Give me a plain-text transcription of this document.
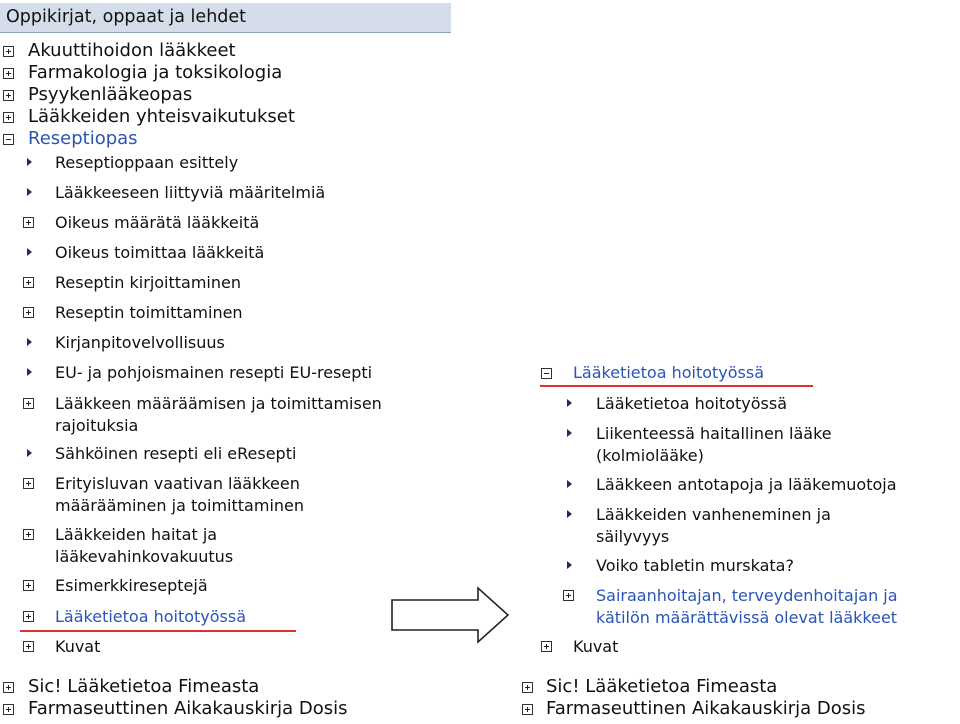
Oppikirjat, oppaat ja lehdet
Akuuttihoidon lääkkeet
Farmakologia ja toksikologia
Psyykenlääkeopas
Lääkkeiden yhteisvaikutukset
Reseptiopas
Reseptioppaan esittely
Lääkkeeseen liittyviä määritelmiä
Oikeus määrätä lääkkeitä
Oikeus toimittaa lääkkeitä
Reseptin kirjoittaminen
Reseptin toimittaminen
Kirjanpitovelvollisuus
EU- ja pohjoismainen resepti EU-resepti
Lääkkeen määräämisen ja toimittamisen
rajoituksia
Sähköinen resepti eli eResepti
Erityisluvan vaativan lääkkeen
määrääminen ja toimittaminen
Lääkkeiden haitat ja
lääkevahinkovakuutus
Esimerkkireseptejä
Lääketietoa hoitotyössä
Kuvat
Sic! Lääketietoa Fimeasta
Farmaseuttinen Aikakauskirja Dosis
Lääketietoa hoitotyössä
Lääketietoa hoitotyössä
Liikenteessä haitallinen lääke
(kolmiolääke)
Lääkkeen antotapoja ja lääkemuotoja
Lääkkeiden vanheneminen ja
säilyvyys
Voiko tabletin murskata?
Sairaanhoitajan, terveydenhoitajan ja
kätilön määrättävissä olevat lääkkeet
Kuvat
Sic! Lääketietoa Fimeasta
Farmaseuttinen Aikakauskirja Dosis
